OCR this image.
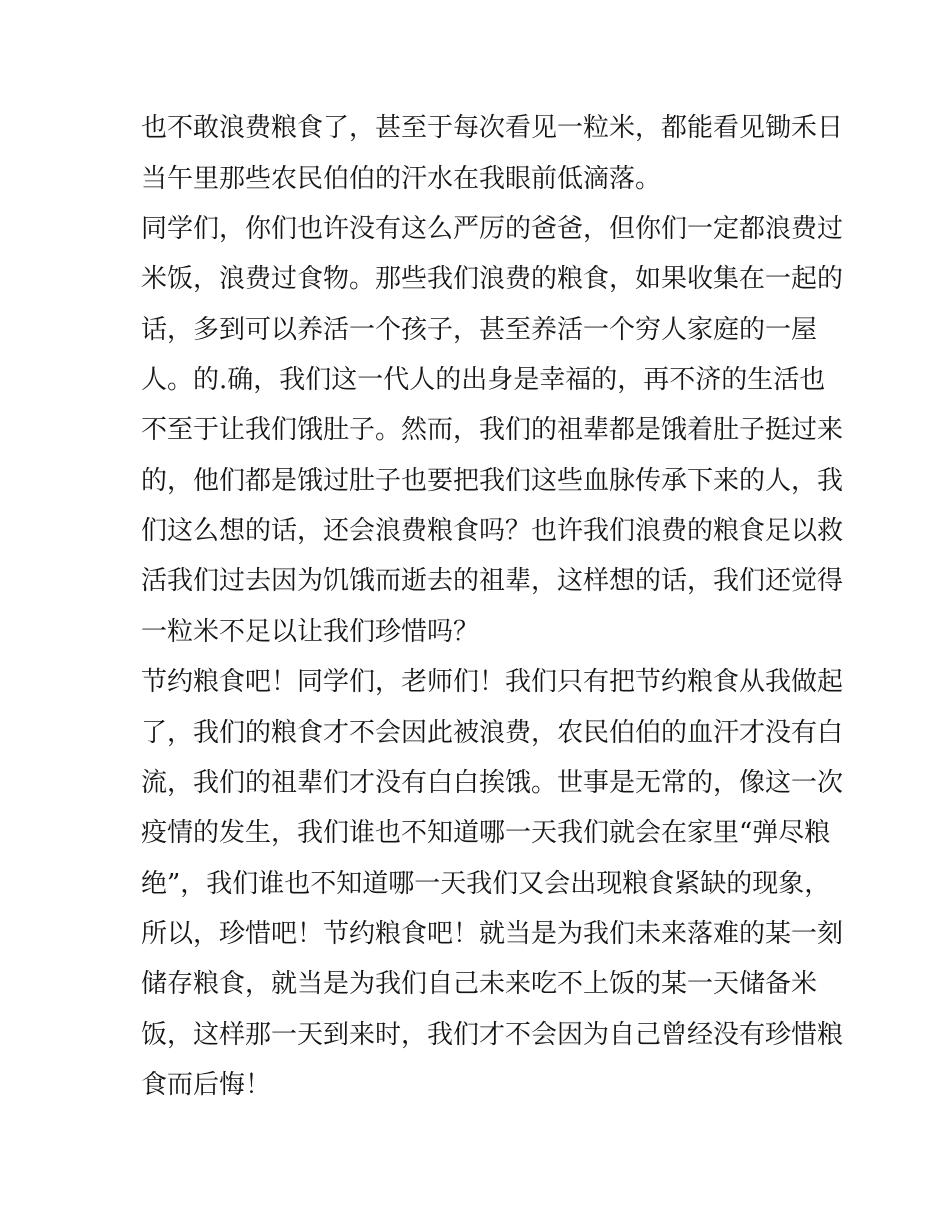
也不敢浪费粮食了，甚至于每次看见一粒米，都能看见锄禾日
当午里那些农民伯伯的汗水在我眼前低滴落。
同学们，你们也许没有这么严厉的爸爸，但你们一定都浪费过
米饭，浪费过食物。那些我们浪费的粮食，如果收集在一起的
话，多到可以养活一个孩子，甚至养活一个穷人家庭的一屋
人。的.确，我们这一代人的出身是幸福的，再不济的生活也
不至于让我们饿肚子。然而，我们的祖辈都是饿着肚子挺过来
的，他们都是饿过肚子也要把我们这些血脉传承下来的人，我
们这么想的话，还会浪费粮食吗？也许我们浪费的粮食足以救
活我们过去因为饥饿而逝去的祖辈，这样想的话，我们还觉得
一粒米不足以让我们珍惜吗？
节约粮食吧！同学们，老师们！我们只有把节约粮食从我做起
了，我们的粮食才不会因此被浪费，农民伯伯的血汗才没有白
流，我们的祖辈们才没有白白挨饿。世事是无常的，像这一次
疫情的发生，我们谁也不知道哪一天我们就会在家里“弹尽粮
绝”，我们谁也不知道哪一天我们又会出现粮食紧缺的现象，
所以，珍惜吧！节约粮食吧！就当是为我们未来落难的某一刻
储存粮食，就当是为我们自己未来吃不上饭的某一天储备米
饭，这样那一天到来时，我们才不会因为自己曾经没有珍惜粮
食而后悔！
